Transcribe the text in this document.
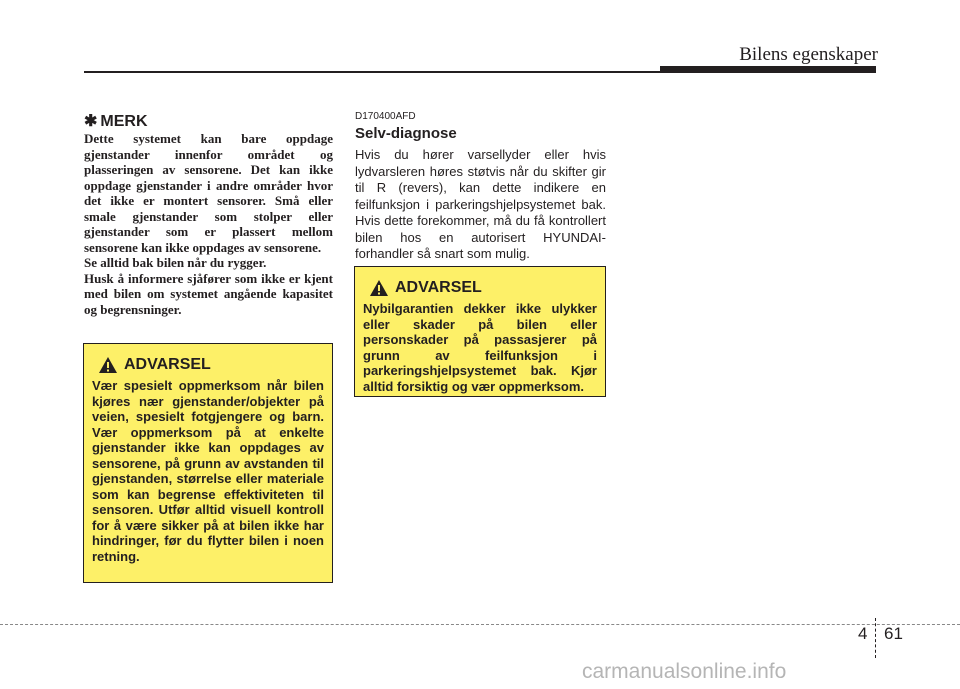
Bilens egenskaper
✱ MERK

Dette systemet kan bare oppdage gjenstander innenfor området og plasseringen av sensorene. Det kan ikke oppdage gjenstander i andre områder hvor det ikke er montert sensorer. Små eller smale gjenstander som stolper eller gjenstander som er plassert mellom sensorene kan ikke oppdages av sensorene.

Se alltid bak bilen når du rygger.

Husk å informere sjåfører som ikke er kjent med bilen om systemet angående kapasitet og begrensninger.

ADVARSEL
Vær spesielt oppmerksom når bilen kjøres nær gjenstander/objekter på veien, spesielt fotgjengere og barn. Vær oppmerksom på at enkelte gjenstander ikke kan oppdages av sensorene, på grunn av avstanden til gjenstanden, størrelse eller materiale som kan begrense effektiviteten til sensoren. Utfør alltid visuell kontroll for å være sikker på at bilen ikke har hindringer, før du flytter bilen i noen retning.
D170400AFD
Selv-diagnose
Hvis du hører varsellyder eller hvis lydvarsleren høres støtvis når du skifter gir til R (revers), kan dette indikere en feilfunksjon i parkeringshjelpsystemet bak. Hvis dette forekommer, må du få kontrollert bilen hos en autorisert HYUNDAI-forhandler så snart som mulig.
ADVARSEL
Nybilgarantien dekker ikke ulykker eller skader på bilen eller personskader på passasjerer på grunn av feilfunksjon i parkeringshjelpsystemet bak. Kjør alltid forsiktig og vær oppmerksom.
4 61
carmanualsonline.info
